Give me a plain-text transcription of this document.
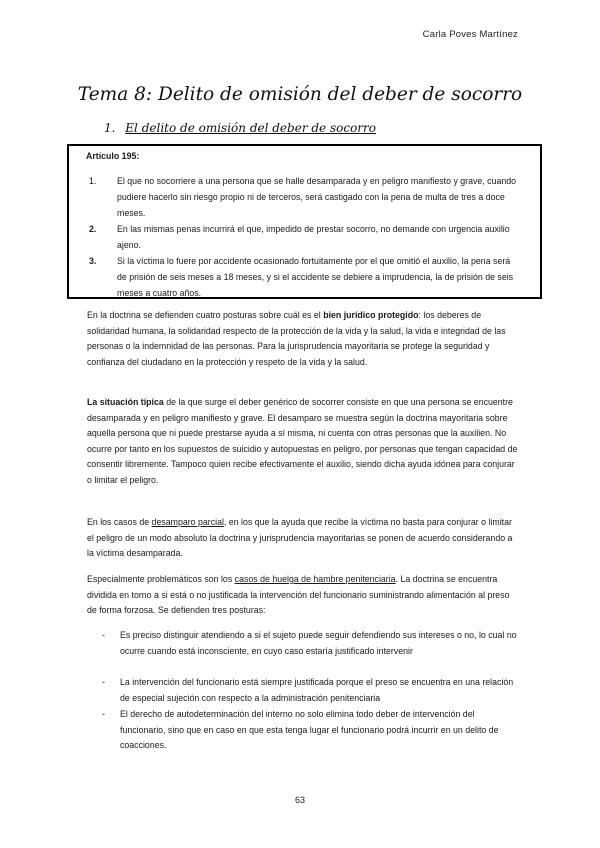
Carla Poves Martínez
Tema 8: Delito de omisión del deber de socorro
1. El delito de omisión del deber de socorro
Artículo 195:
1. El que no socorriere a una persona que se halle desamparada y en peligro manifiesto y grave, cuando pudiere hacerlo sin riesgo propio ni de terceros, será castigado con la pena de multa de tres a doce meses.
2. En las mismas penas incurrirá el que, impedido de prestar socorro, no demande con urgencia auxilio ajeno.
3. Si la víctima lo fuere por accidente ocasionado fortuitamente por el que omitió el auxilio, la pena será de prisión de seis meses a 18 meses, y si el accidente se debiere a imprudencia, la de prisión de seis meses a cuatro años.
En la doctrina se defienden cuatro posturas sobre cuál es el bien jurídico protegido: los deberes de solidaridad humana, la solidaridad respecto de la protección de la vida y la salud, la vida e integridad de las personas o la indemnidad de las personas. Para la jurisprudencia mayoritaria se protege la seguridad y confianza del ciudadano en la protección y respeto de la vida y la salud.
La situación típica de la que surge el deber genérico de socorrer consiste en que una persona se encuentre desamparada y en peligro manifiesto y grave. El desamparo se muestra según la doctrina mayoritaria sobre aquella persona que ni puede prestarse ayuda a sí misma, ni cuenta con otras personas que la auxilien. No ocurre por tanto en los supuestos de suicidio y autopuestas en peligro, por personas que tengan capacidad de consentir libremente. Tampoco quien recibe efectivamente el auxilio, siendo dicha ayuda idónea para conjurar o limitar el peligro.
En los casos de desamparo parcial, en los que la ayuda que recibe la víctima no basta para conjurar o limitar el peligro de un modo absoluto la doctrina y jurisprudencia mayoritarias se ponen de acuerdo considerando a la víctima desamparada.
Especialmente problemáticos son los casos de huelga de hambre penitenciaria. La doctrina se encuentra dividida en torno a si está o no justificada la intervención del funcionario suministrando alimentación al preso de forma forzosa. Se defienden tres posturas:
- Es preciso distinguir atendiendo a si el sujeto puede seguir defendiendo sus intereses o no, lo cual no ocurre cuando está inconsciente, en cuyo caso estaría justificado intervenir
- La intervención del funcionario está siempre justificada porque el preso se encuentra en una relación de especial sujeción con respecto a la administración penitenciaria
- El derecho de autodeterminación del interno no solo elimina todo deber de intervención del funcionario, sino que en caso en que esta tenga lugar el funcionario podrá incurrir en un delito de coacciones.
63
